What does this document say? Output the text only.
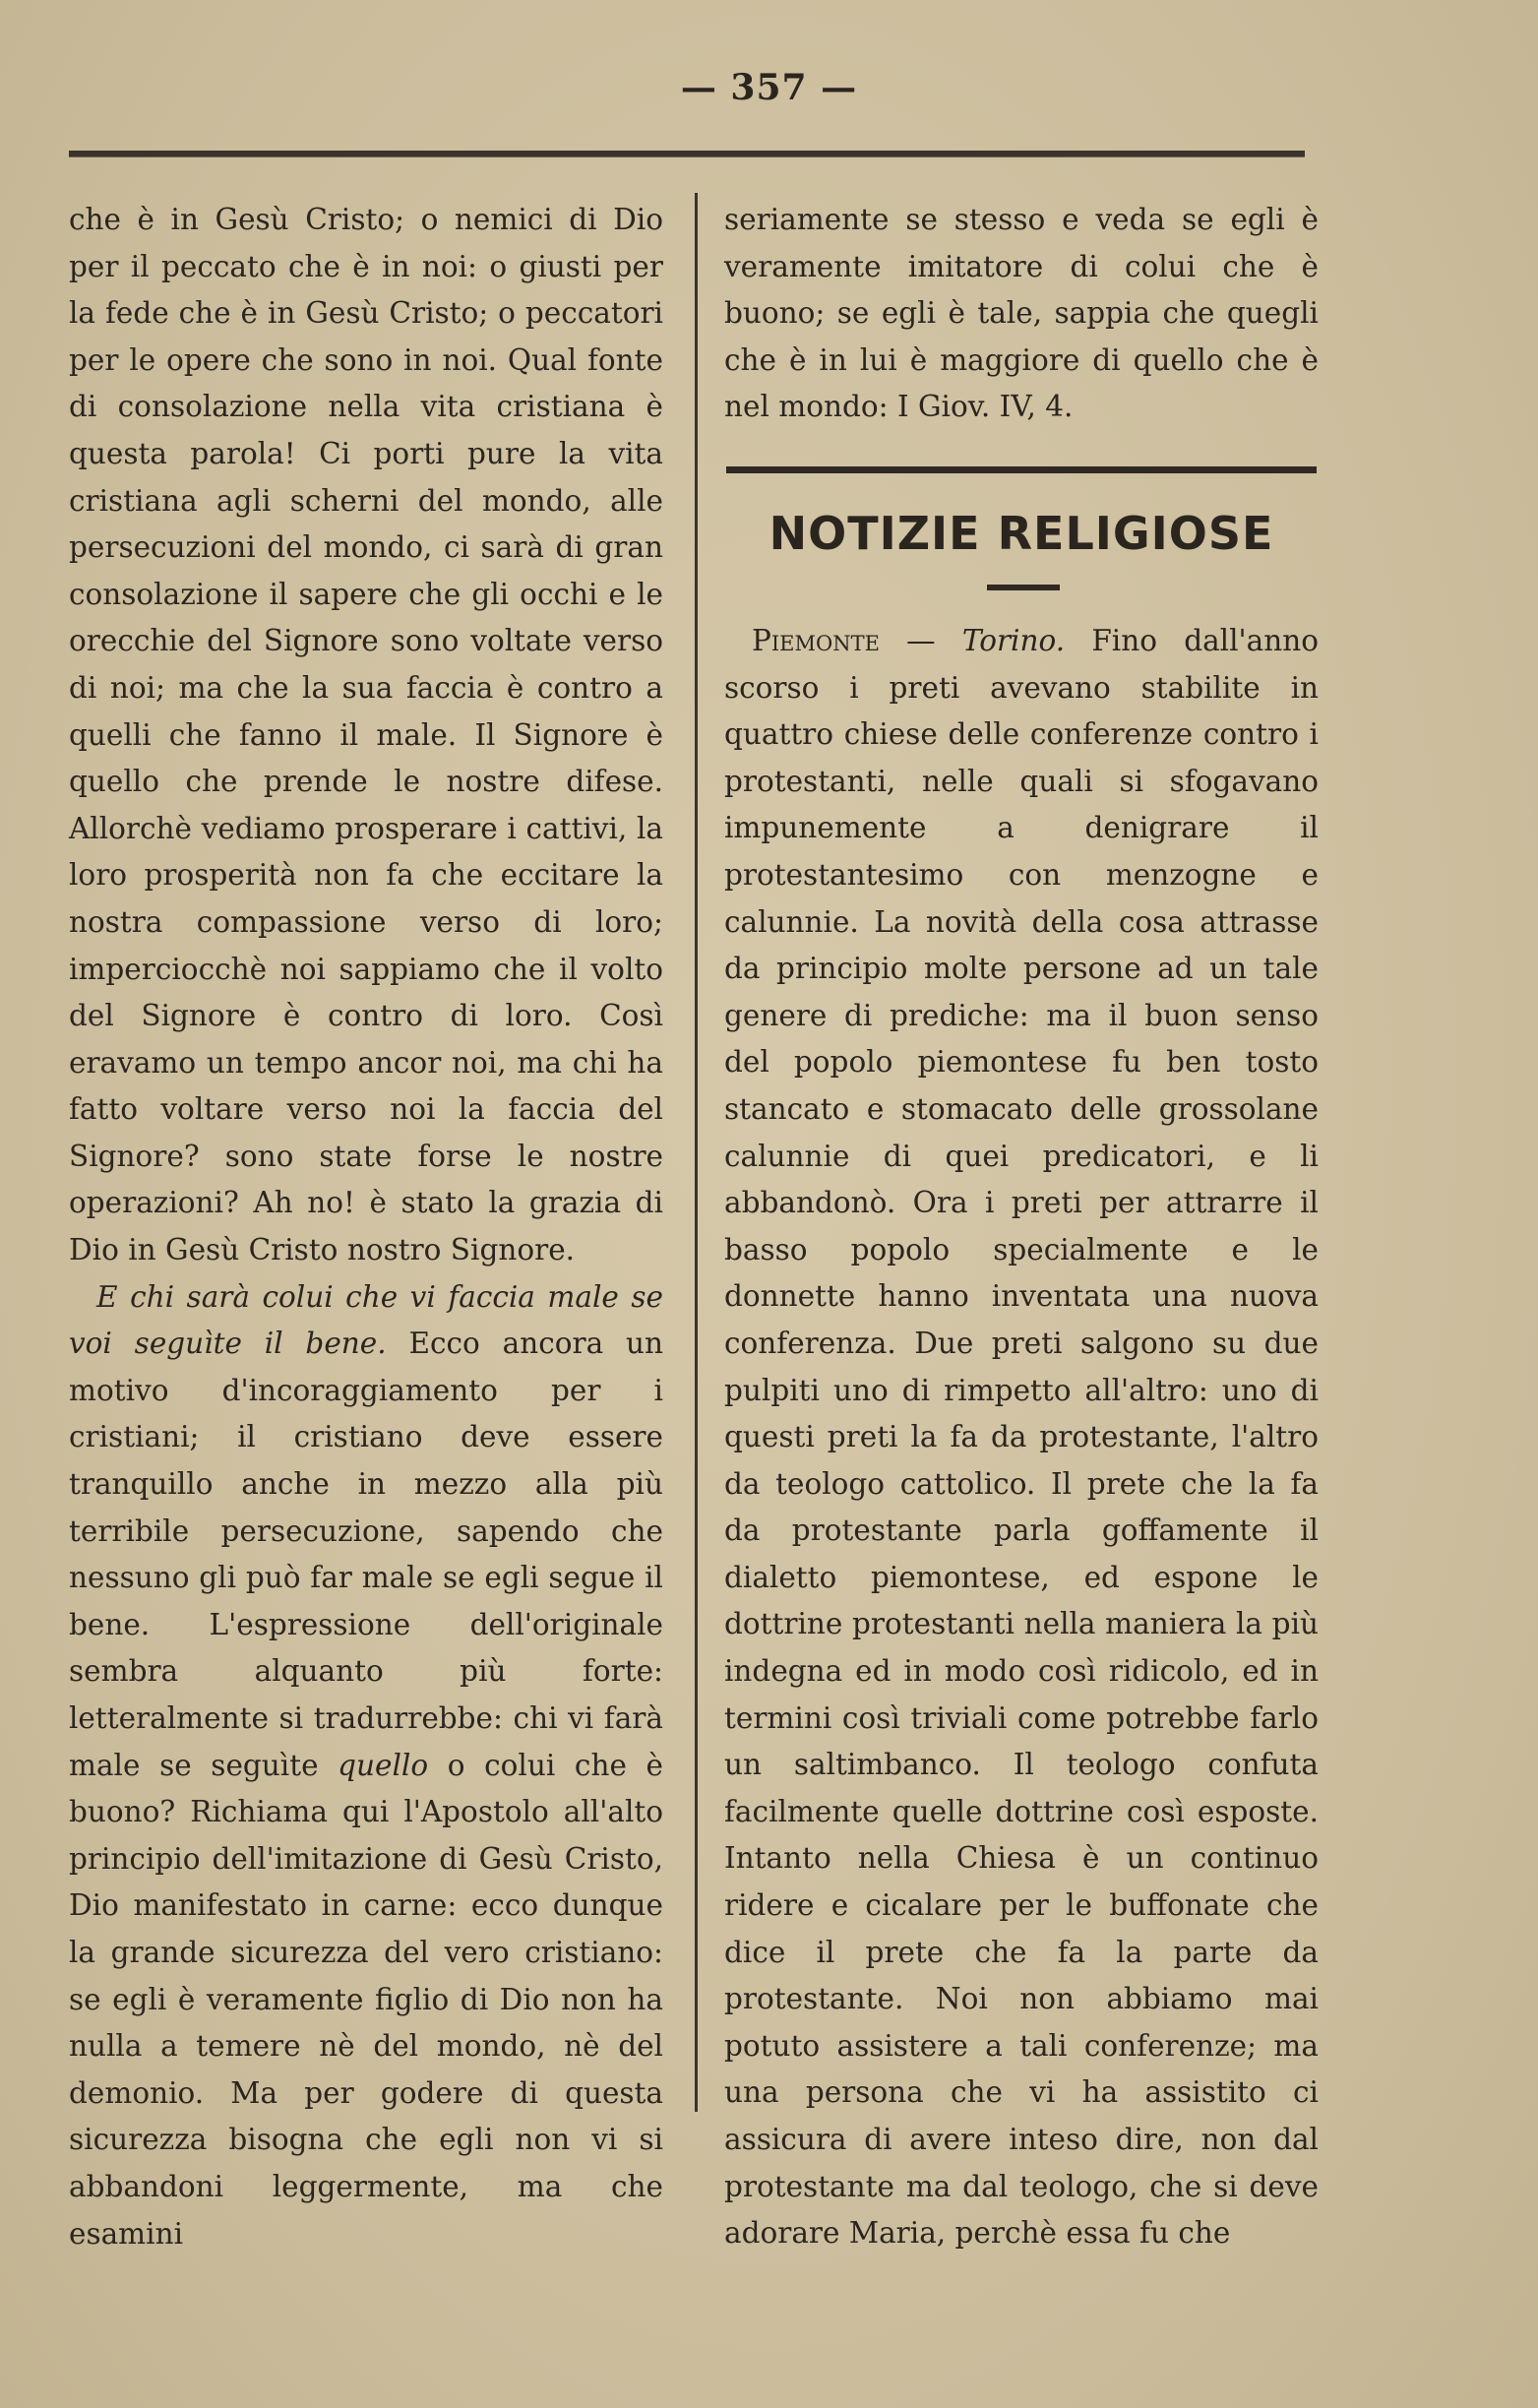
— 357 —

che è in Gesù Cristo; o nemici di Dio per il peccato che è in noi: o giusti per la fede che è in Gesù Cristo; o peccatori per le opere che sono in noi. Qual fonte di consolazione nella vita cristiana è questa parola! Ci porti pure la vita cristiana agli scherni del mondo, alle persecuzioni del mondo, ci sarà di gran consolazione il sapere che gli occhi e le orecchie del Signore sono voltate verso di noi; ma che la sua faccia è contro a quelli che fanno il male. Il Signore è quello che prende le nostre difese. Allorchè vediamo prosperare i cattivi, la loro prosperità non fa che eccitare la nostra compassione verso di loro; imperciocchè noi sappiamo che il volto del Signore è contro di loro. Così eravamo un tempo ancor noi, ma chi ha fatto voltare verso noi la faccia del Signore? sono state forse le nostre operazioni? Ah no! è stato la grazia di Dio in Gesù Cristo nostro Signore.

E chi sarà colui che vi faccia male se voi seguìte il bene. Ecco ancora un motivo d'incoraggiamento per i cristiani; il cristiano deve essere tranquillo anche in mezzo alla più terribile persecuzione, sapendo che nessuno gli può far male se egli segue il bene. L'espressione dell'originale sembra alquanto più forte: letteralmente si tradurrebbe: chi vi farà male se seguìte quello o colui che è buono? Richiama qui l'Apostolo all'alto principio dell'imitazione di Gesù Cristo, Dio manifestato in carne: ecco dunque la grande sicurezza del vero cristiano: se egli è veramente figlio di Dio non ha nulla a temere nè del mondo, nè del demonio. Ma per godere di questa sicurezza bisogna che egli non vi si abbandoni leggermente, ma che esamini

seriamente se stesso e veda se egli è veramente imitatore di colui che è buono; se egli è tale, sappia che quegli che è in lui è maggiore di quello che è nel mondo: I Giov. IV, 4.

NOTIZIE RELIGIOSE

Piemonte — Torino. Fino dall'anno scorso i preti avevano stabilite in quattro chiese delle conferenze contro i protestanti, nelle quali si sfogavano impunemente a denigrare il protestantesimo con menzogne e calunnie. La novità della cosa attrasse da principio molte persone ad un tale genere di prediche: ma il buon senso del popolo piemontese fu ben tosto stancato e stomacato delle grossolane calunnie di quei predicatori, e li abbandonò. Ora i preti per attrarre il basso popolo specialmente e le donnette hanno inventata una nuova conferenza. Due preti salgono su due pulpiti uno di rimpetto all'altro: uno di questi preti la fa da protestante, l'altro da teologo cattolico. Il prete che la fa da protestante parla goffamente il dialetto piemontese, ed espone le dottrine protestanti nella maniera la più indegna ed in modo così ridicolo, ed in termini così triviali come potrebbe farlo un saltimbanco. Il teologo confuta facilmente quelle dottrine così esposte. Intanto nella Chiesa è un continuo ridere e cicalare per le buffonate che dice il prete che fa la parte da protestante. Noi non abbiamo mai potuto assistere a tali conferenze; ma una persona che vi ha assistito ci assicura di avere inteso dire, non dal protestante ma dal teologo, che si deve adorare Maria, perchè essa fu che
